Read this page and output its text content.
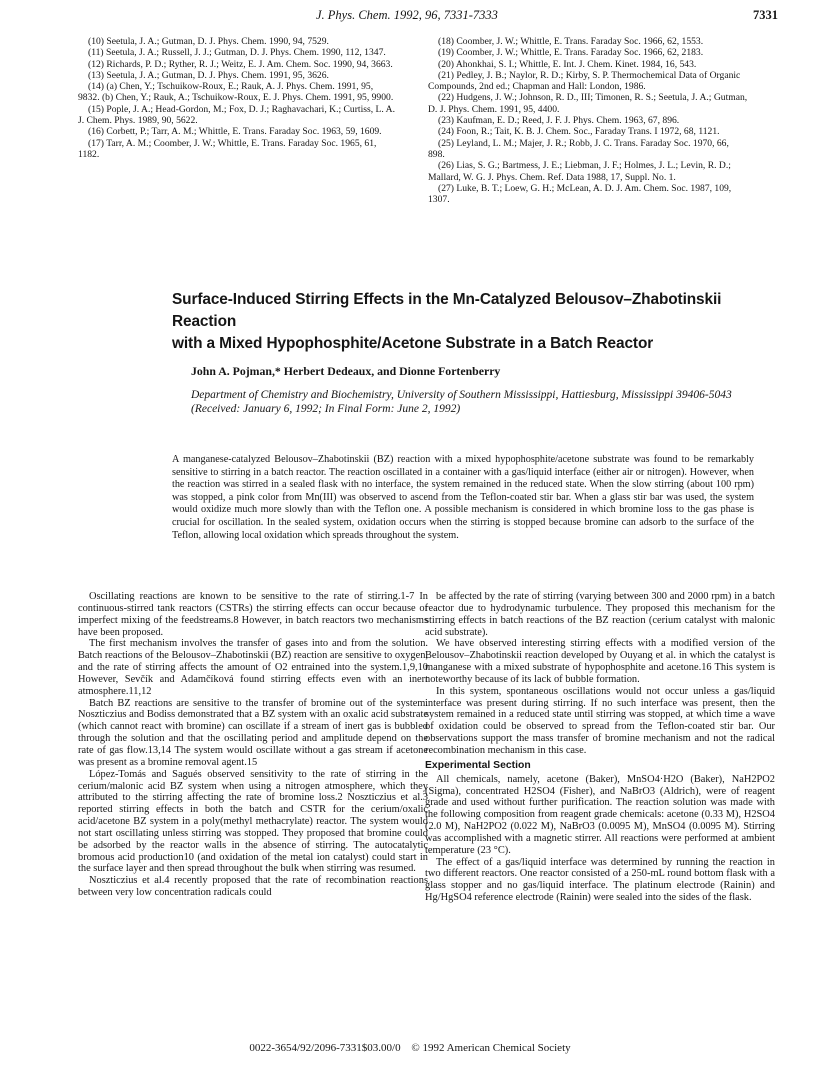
J. Phys. Chem. 1992, 96, 7331-7333	7331

(10) Seetula, J. A.; Gutman, D. J. Phys. Chem. 1990, 94, 7529.

(11) Seetula, J. A.; Russell, J. J.; Gutman, D. J. Phys. Chem. 1990, 112, 1347.

(12) Richards, P. D.; Ryther, R. J.; Weitz, E. J. Am. Chem. Soc. 1990, 94, 3663.

(13) Seetula, J. A.; Gutman, D. J. Phys. Chem. 1991, 95, 3626.

(14) (a) Chen, Y.; Tschuikow-Roux, E.; Rauk, A. J. Phys. Chem. 1991, 95, 9832. (b) Chen, Y.; Rauk, A.; Tschuikow-Roux, E. J. Phys. Chem. 1991, 95, 9900.

(15) Pople, J. A.; Head-Gordon, M.; Fox, D. J.; Raghavachari, K.; Curtiss, L. A. J. Chem. Phys. 1989, 90, 5622.

(16) Corbett, P.; Tarr, A. M.; Whittle, E. Trans. Faraday Soc. 1963, 59, 1609.

(17) Tarr, A. M.; Coomber, J. W.; Whittle, E. Trans. Faraday Soc. 1965, 61, 1182.

(18) Coomber, J. W.; Whittle, E. Trans. Faraday Soc. 1966, 62, 1553.

(19) Coomber, J. W.; Whittle, E. Trans. Faraday Soc. 1966, 62, 2183.

(20) Ahonkhai, S. I.; Whittle, E. Int. J. Chem. Kinet. 1984, 16, 543.

(21) Pedley, J. B.; Naylor, R. D.; Kirby, S. P. Thermochemical Data of Organic Compounds, 2nd ed.; Chapman and Hall: London, 1986.

(22) Hudgens, J. W.; Johnson, R. D., III; Timonen, R. S.; Seetula, J. A.; Gutman, D. J. Phys. Chem. 1991, 95, 4400.

(23) Kaufman, E. D.; Reed, J. F. J. Phys. Chem. 1963, 67, 896.

(24) Foon, R.; Tait, K. B. J. Chem. Soc., Faraday Trans. I 1972, 68, 1121.

(25) Leyland, L. M.; Majer, J. R.; Robb, J. C. Trans. Faraday Soc. 1970, 66, 898.

(26) Lias, S. G.; Bartmess, J. E.; Liebman, J. F.; Holmes, J. L.; Levin, R. D.; Mallard, W. G. J. Phys. Chem. Ref. Data 1988, 17, Suppl. No. 1.

(27) Luke, B. T.; Loew, G. H.; McLean, A. D. J. Am. Chem. Soc. 1987, 109, 1307.

Surface-Induced Stirring Effects in the Mn-Catalyzed Belousov–Zhabotinskii Reaction
with a Mixed Hypophosphite/Acetone Substrate in a Batch Reactor
John A. Pojman,* Herbert Dedeaux, and Dionne Fortenberry
Department of Chemistry and Biochemistry, University of Southern Mississippi, Hattiesburg, Mississippi 39406-5043 (Received: January 6, 1992; In Final Form: June 2, 1992)
A manganese-catalyzed Belousov–Zhabotinskii (BZ) reaction with a mixed hypophosphite/acetone substrate was found to be remarkably sensitive to stirring in a batch reactor. The reaction oscillated in a container with a gas/liquid interface (either air or nitrogen). However, when the reaction was stirred in a sealed flask with no interface, the system remained in the reduced state. When the slow stirring (about 100 rpm) was stopped, a pink color from Mn(III) was observed to ascend from the Teflon-coated stir bar. When a glass stir bar was used, the system would oxidize much more slowly than with the Teflon one. A possible mechanism is considered in which bromine loss to the gas phase is crucial for oscillation. In the sealed system, oxidation occurs when the stirring is stopped because bromine can adsorb to the surface of the Teflon, allowing local oxidation which spreads throughout the system.

Oscillating reactions are known to be sensitive to the rate of stirring.1-7 In continuous-stirred tank reactors (CSTRs) the stirring effects can occur because of imperfect mixing of the feedstreams.8 However, in batch reactors two mechanisms have been proposed.

The first mechanism involves the transfer of gases into and from the solution. Batch reactions of the Belousov–Zhabotinskii (BZ) reaction are sensitive to oxygen, and the rate of stirring affects the amount of O2 entrained into the system.1,9,10 However, Sevčík and Adamčíková found stirring effects even with an inert atmosphere.11,12

Batch BZ reactions are sensitive to the transfer of bromine out of the system. Noszticzius and Bodiss demonstrated that a BZ system with an oxalic acid substrate (which cannot react with bromine) can oscillate if a stream of inert gas is bubbled through the solution and that the oscillating period and amplitude depend on the rate of gas flow.13,14 The system would oscillate without a gas stream if acetone was present as a bromine removal agent.15

López-Tomás and Sagués observed sensitivity to the rate of stirring in the cerium/malonic acid BZ system when using a nitrogen atmosphere, which they attributed to the stirring affecting the rate of bromine loss.2 Noszticzius et al.3 reported stirring effects in both the batch and CSTR for the cerium/oxalic acid/acetone BZ system in a poly(methyl methacrylate) reactor. The system would not start oscillating unless stirring was stopped. They proposed that bromine could be adsorbed by the reactor walls in the absence of stirring. The autocatalytic bromous acid production10 (and oxidation of the metal ion catalyst) could start in the surface layer and then spread throughout the bulk when stirring was resumed.

Noszticzius et al.4 recently proposed that the rate of recombination reactions between very low concentration radicals could

be affected by the rate of stirring (varying between 300 and 2000 rpm) in a batch reactor due to hydrodynamic turbulence. They proposed this mechanism for the stirring effects in batch reactions of the BZ reaction (cerium catalyst with malonic acid substrate).

We have observed interesting stirring effects with a modified version of the Belousov–Zhabotinskii reaction developed by Ouyang et al. in which the catalyst is manganese with a mixed substrate of hypophosphite and acetone.16 This system is noteworthy because of its lack of bubble formation.

In this system, spontaneous oscillations would not occur unless a gas/liquid interface was present during stirring. If no such interface was present, then the system remained in a reduced state until stirring was stopped, at which time a wave of oxidation could be observed to spread from the Teflon-coated stir bar. Our observations support the mass transfer of bromine mechanism and not the radical recombination mechanism in this case.

Experimental Section

All chemicals, namely, acetone (Baker), MnSO4·H2O (Baker), NaH2PO2 (Sigma), concentrated H2SO4 (Fisher), and NaBrO3 (Aldrich), were of reagent grade and used without further purification. The reaction solution was made with the following composition from reagent grade chemicals: acetone (0.33 M), H2SO4 (2.0 M), NaH2PO2 (0.022 M), NaBrO3 (0.0095 M), MnSO4 (0.0095 M). Stirring was accomplished with a magnetic stirrer. All reactions were performed at ambient temperature (23 °C).

The effect of a gas/liquid interface was determined by running the reaction in two different reactors. One reactor consisted of a 250-mL round bottom flask with a glass stopper and no gas/liquid interface. The platinum electrode (Rainin) and Hg/HgSO4 reference electrode (Rainin) were sealed into the sides of the flask.

0022-3654/92/2096-7331$03.00/0 © 1992 American Chemical Society
